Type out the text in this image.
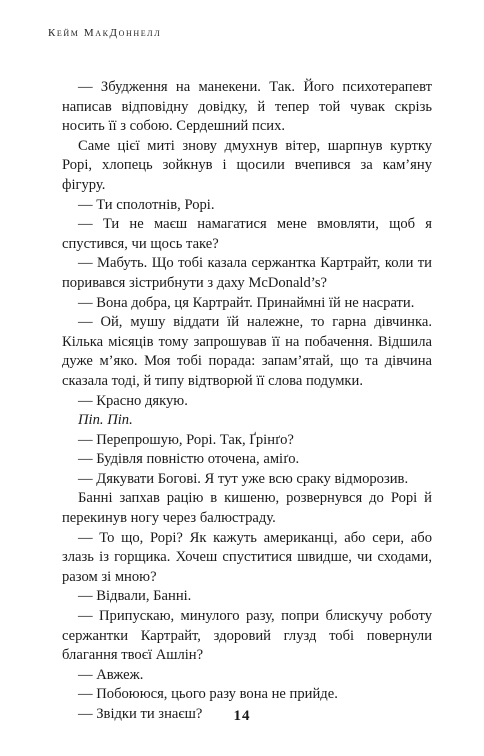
Кейм МакДоннелл

— Збудження на манекени. Так. Його психотерапевт написав відповідну довідку, й тепер той чувак скрізь носить її з собою. Сердешний псих.

Саме цієї миті знову дмухнув вітер, шарпнув куртку Рорі, хлопець зойкнув і щосили вчепився за кам’яну фігуру.

— Ти сполотнів, Рорі.

— Ти не маєш намагатися мене вмовляти, щоб я спустився, чи щось таке?

— Мабуть. Що тобі казала сержантка Картрайт, коли ти поривався зістрибнути з даху McDonald’s?

— Вона добра, ця Картрайт. Принаймні їй не насрати.

— Ой, мушу віддати їй належне, то гарна дівчинка. Кілька місяців тому запрошував її на побачення. Відшила дуже м’яко. Моя тобі порада: запам’ятай, що та дівчина сказала тоді, й типу відтворюй її слова подумки.

— Красно дякую.

Піп. Піп.

— Перепрошую, Рорі. Так, Ґрінґо?

— Будівля повністю оточена, аміґо.

— Дякувати Богові. Я тут уже всю сраку відморозив.

Банні запхав рацію в кишеню, розвернувся до Рорі й перекинув ногу через балюстраду.

— То що, Рорі? Як кажуть американці, або сери, або злазь із горщика. Хочеш спуститися швидше, чи сходами, разом зі мною?

— Відвали, Банні.

— Припускаю, минулого разу, попри блискучу роботу сержантки Картрайт, здоровий глузд тобі повернули благання твоєї Ашлін?

— Авжеж.

— Побоююся, цього разу вона не прийде.

— Звідки ти знаєш?	14
